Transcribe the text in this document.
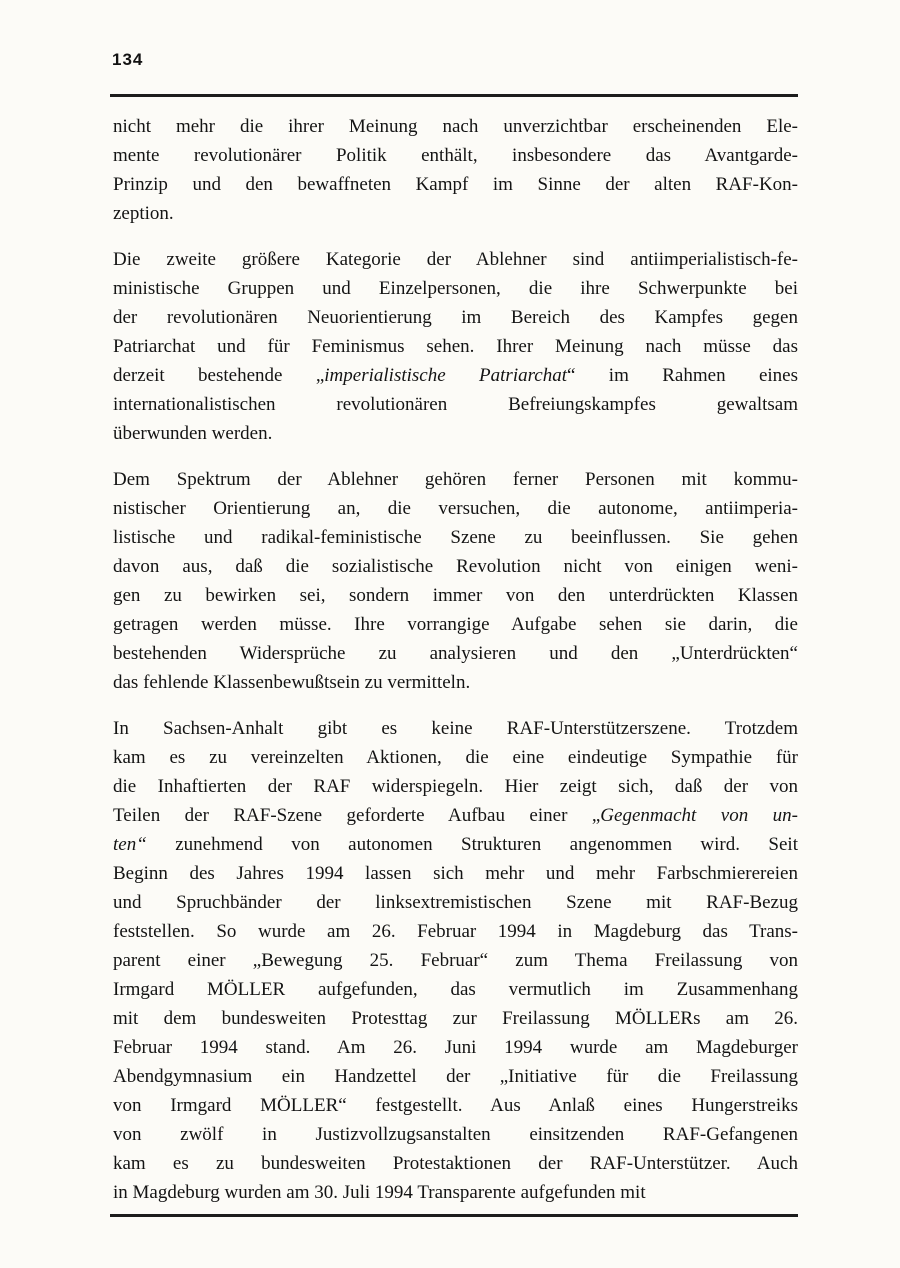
134

nicht mehr die ihrer Meinung nach unverzichtbar erscheinenden Ele-
mente revolutionärer Politik enthält, insbesondere das Avantgarde-
Prinzip und den bewaffneten Kampf im Sinne der alten RAF-Kon-
zeption.

Die zweite größere Kategorie der Ablehner sind antiimperialistisch-fe-
ministische Gruppen und Einzelpersonen, die ihre Schwerpunkte bei
der revolutionären Neuorientierung im Bereich des Kampfes gegen
Patriarchat und für Feminismus sehen. Ihrer Meinung nach müsse das
derzeit bestehende „imperialistische Patriarchat“ im Rahmen eines
internationalistischen revolutionären Befreiungskampfes gewaltsam
überwunden werden.

Dem Spektrum der Ablehner gehören ferner Personen mit kommu-
nistischer Orientierung an, die versuchen, die autonome, antiimperia-
listische und radikal-feministische Szene zu beeinflussen. Sie gehen
davon aus, daß die sozialistische Revolution nicht von einigen weni-
gen zu bewirken sei, sondern immer von den unterdrückten Klassen
getragen werden müsse. Ihre vorrangige Aufgabe sehen sie darin, die
bestehenden Widersprüche zu analysieren und den „Unterdrückten“
das fehlende Klassenbewußtsein zu vermitteln.

In Sachsen-Anhalt gibt es keine RAF-Unterstützerszene. Trotzdem
kam es zu vereinzelten Aktionen, die eine eindeutige Sympathie für
die Inhaftierten der RAF widerspiegeln. Hier zeigt sich, daß der von
Teilen der RAF-Szene geforderte Aufbau einer „Gegenmacht von un-
ten“ zunehmend von autonomen Strukturen angenommen wird. Seit
Beginn des Jahres 1994 lassen sich mehr und mehr Farbschmierereien
und Spruchbänder der linksextremistischen Szene mit RAF-Bezug
feststellen. So wurde am 26. Februar 1994 in Magdeburg das Trans-
parent einer „Bewegung 25. Februar“ zum Thema Freilassung von
Irmgard MÖLLER aufgefunden, das vermutlich im Zusammenhang
mit dem bundesweiten Protesttag zur Freilassung MÖLLERs am 26.
Februar 1994 stand. Am 26. Juni 1994 wurde am Magdeburger
Abendgymnasium ein Handzettel der „Initiative für die Freilassung
von Irmgard MÖLLER“ festgestellt. Aus Anlaß eines Hungerstreiks
von zwölf in Justizvollzugsanstalten einsitzenden RAF-Gefangenen
kam es zu bundesweiten Protestaktionen der RAF-Unterstützer. Auch
in Magdeburg wurden am 30. Juli 1994 Transparente aufgefunden mit
